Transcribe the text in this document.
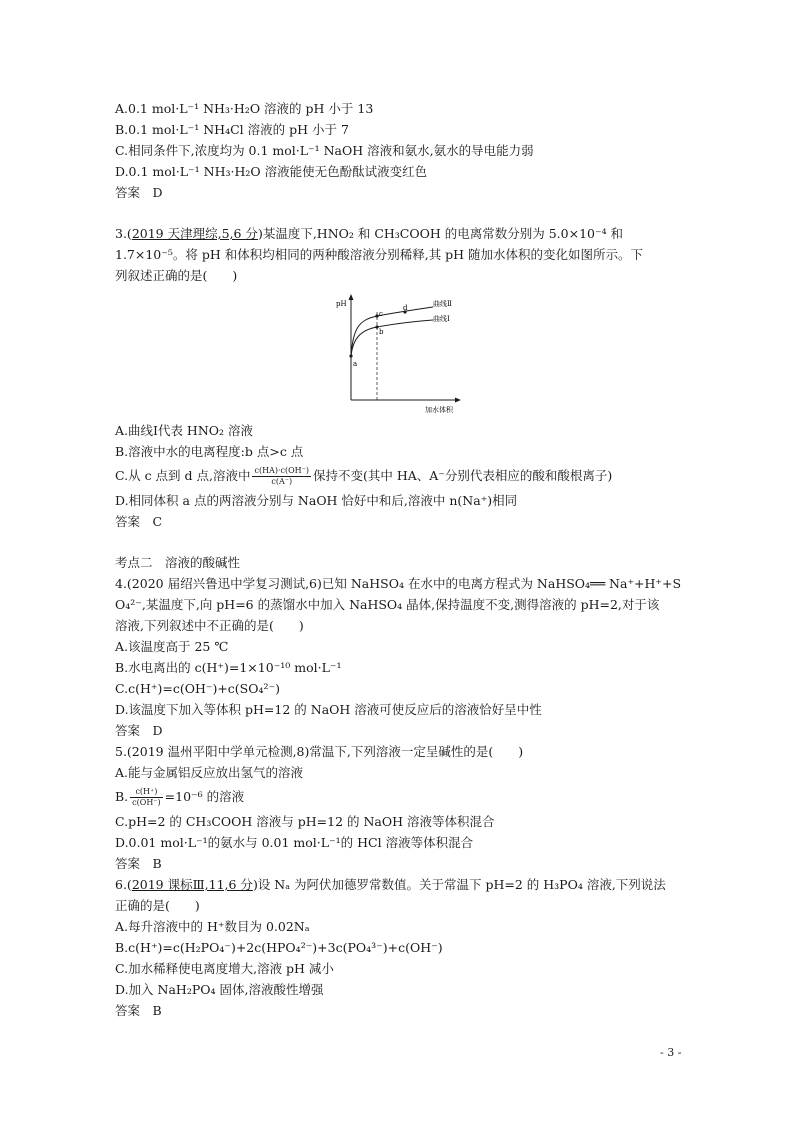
A.0.1 mol·L⁻¹ NH₃·H₂O 溶液的 pH 小于 13
B.0.1 mol·L⁻¹ NH₄Cl 溶液的 pH 小于 7
C.相同条件下,浓度均为 0.1 mol·L⁻¹ NaOH 溶液和氨水,氨水的导电能力弱
D.0.1 mol·L⁻¹ NH₃·H₂O 溶液能使无色酚酞试液变红色
答案　D
3.(2019 天津理综,5,6 分)某温度下,HNO₂ 和 CH₃COOH 的电离常数分别为 5.0×10⁻⁴ 和
1.7×10⁻⁵。将 pH 和体积均相同的两种酸溶液分别稀释,其 pH 随加水体积的变化如图所示。下
列叙述正确的是(　　)
pH
加水体积
a
b
c
d	曲线Ⅱ
曲线Ⅰ
A.曲线Ⅰ代表 HNO₂ 溶液
B.溶液中水的电离程度:b 点>c 点
C.从 c 点到 d 点,溶液中 $\frac{c(HA)\cdot c(OH^-)}{c(A^-)}$ 保持不变(其中 HA、A⁻分别代表相应的酸和酸根离子)
D.相同体积 a 点的两溶液分别与 NaOH 恰好中和后,溶液中 n(Na⁺)相同
答案　C
考点二　溶液的酸碱性
4.(2020 届绍兴鲁迅中学复习测试,6)已知 NaHSO₄ 在水中的电离方程式为 NaHSO₄══ Na⁺+H⁺+S
O₄²⁻,某温度下,向 pH=6 的蒸馏水中加入 NaHSO₄ 晶体,保持温度不变,测得溶液的 pH=2,对于该
溶液,下列叙述中不正确的是(　　)
A.该温度高于 25 ℃
B.水电离出的 c(H⁺)=1×10⁻¹⁰ mol·L⁻¹
C.c(H⁺)=c(OH⁻)+c(SO₄²⁻)
D.该温度下加入等体积 pH=12 的 NaOH 溶液可使反应后的溶液恰好呈中性
答案　D
5.(2019 温州平阳中学单元检测,8)常温下,下列溶液一定呈碱性的是(　　)
A.能与金属铝反应放出氢气的溶液
B. $\frac{c(H^+)}{c(OH^-)} =10^{-6}$ 的溶液
C.pH=2 的 CH₃COOH 溶液与 pH=12 的 NaOH 溶液等体积混合
D.0.01 mol·L⁻¹的氨水与 0.01 mol·L⁻¹的 HCl 溶液等体积混合
答案　B
6.(2019 课标Ⅲ,11,6 分)设 Nₐ 为阿伏加德罗常数值。关于常温下 pH=2 的 H₃PO₄ 溶液,下列说法
正确的是(　　)
A.每升溶液中的 H⁺数目为 0.02Nₐ
B.c(H⁺)=c(H₂PO₄⁻)+2c(HPO₄²⁻)+3c(PO₄³⁻)+c(OH⁻)
C.加水稀释使电离度增大,溶液 pH 减小
D.加入 NaH₂PO₄ 固体,溶液酸性增强
答案　B
- 3 -
